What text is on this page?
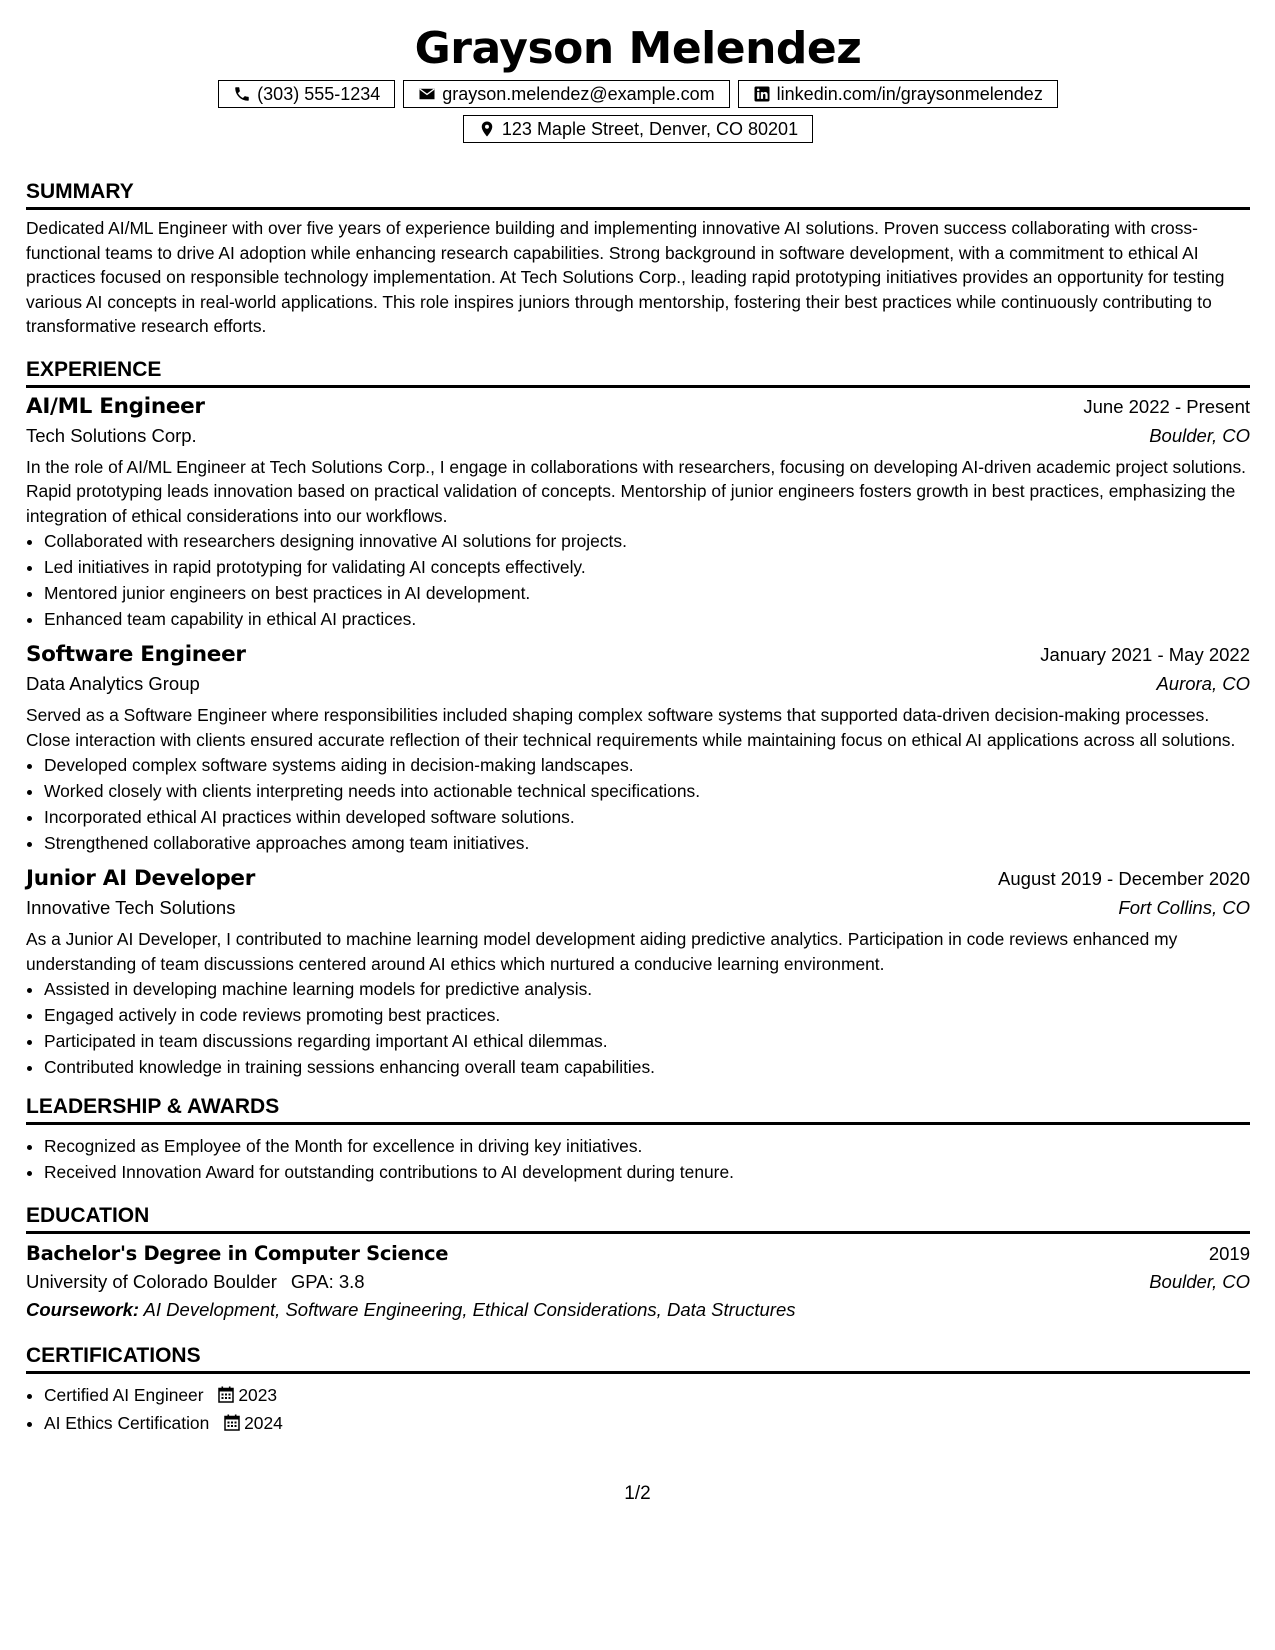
Grayson Melendez
(303) 555-1234	grayson.melendez@example.com	linkedin.com/in/graysonmelendez
123 Maple Street, Denver, CO 80201
SUMMARY
Dedicated AI/ML Engineer with over five years of experience building and implementing innovative AI solutions. Proven success collaborating with cross-functional teams to drive AI adoption while enhancing research capabilities. Strong background in software development, with a commitment to ethical AI practices focused on responsible technology implementation. At Tech Solutions Corp., leading rapid prototyping initiatives provides an opportunity for testing various AI concepts in real-world applications. This role inspires juniors through mentorship, fostering their best practices while continuously contributing to transformative research efforts.
EXPERIENCE
AI/ML Engineer	June 2022 - Present
Tech Solutions Corp.	Boulder, CO
In the role of AI/ML Engineer at Tech Solutions Corp., I engage in collaborations with researchers, focusing on developing AI-driven academic project solutions. Rapid prototyping leads innovation based on practical validation of concepts. Mentorship of junior engineers fosters growth in best practices, emphasizing the integration of ethical considerations into our workflows.
• Collaborated with researchers designing innovative AI solutions for projects.
• Led initiatives in rapid prototyping for validating AI concepts effectively.
• Mentored junior engineers on best practices in AI development.
• Enhanced team capability in ethical AI practices.
Software Engineer	January 2021 - May 2022
Data Analytics Group	Aurora, CO
Served as a Software Engineer where responsibilities included shaping complex software systems that supported data-driven decision-making processes. Close interaction with clients ensured accurate reflection of their technical requirements while maintaining focus on ethical AI applications across all solutions.
• Developed complex software systems aiding in decision-making landscapes.
• Worked closely with clients interpreting needs into actionable technical specifications.
• Incorporated ethical AI practices within developed software solutions.
• Strengthened collaborative approaches among team initiatives.
Junior AI Developer	August 2019 - December 2020
Innovative Tech Solutions	Fort Collins, CO
As a Junior AI Developer, I contributed to machine learning model development aiding predictive analytics. Participation in code reviews enhanced my understanding of team discussions centered around AI ethics which nurtured a conducive learning environment.
• Assisted in developing machine learning models for predictive analysis.
• Engaged actively in code reviews promoting best practices.
• Participated in team discussions regarding important AI ethical dilemmas.
• Contributed knowledge in training sessions enhancing overall team capabilities.
LEADERSHIP & AWARDS
• Recognized as Employee of the Month for excellence in driving key initiatives.
• Received Innovation Award for outstanding contributions to AI development during tenure.
EDUCATION
Bachelor's Degree in Computer Science	2019
University of Colorado Boulder GPA: 3.8	Boulder, CO
Coursework: AI Development, Software Engineering, Ethical Considerations, Data Structures
CERTIFICATIONS
• Certified AI Engineer 2023
• AI Ethics Certification 2024
1/2
